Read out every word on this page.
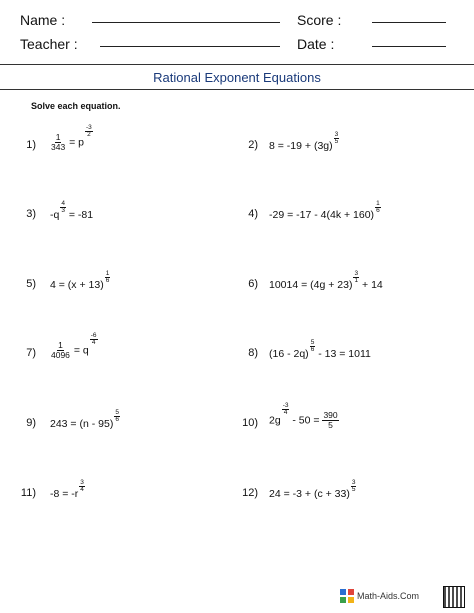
Name :	Score :
Teacher :	Date :
Rational Exponent Equations
Solve each equation.
$1) \frac{1}{343} = p$
$\frac{-3}{2}$
2) 8 = -19 + (3g)
$\frac{3}{5}$
3) -q
$\frac{4}{3}$
= -81	4) -29 = -17 - 4(4k + 160)
$\frac{1}{6}$
5) 4 = (x + 13)
$\frac{1}{6}$	6) 10014 = (4g + 23)
$\frac{3}{1}$
+ 14
$7) \frac{1}{4096} = q$
$\frac{-6}{4}$
8) (16 - 2q)
$\frac{5}{6}$
- 13 = 1011
9) 243 = (n - 95)
$\frac{5}{6}$	10) 2g
$\frac{-3}{4}$
- $50 = \frac{390}{5}$
11) -8 = -r
$\frac{3}{4}$	12) 24 = -3 + (c + 33)
$\frac{3}{5}$
Math-Aids.Com
